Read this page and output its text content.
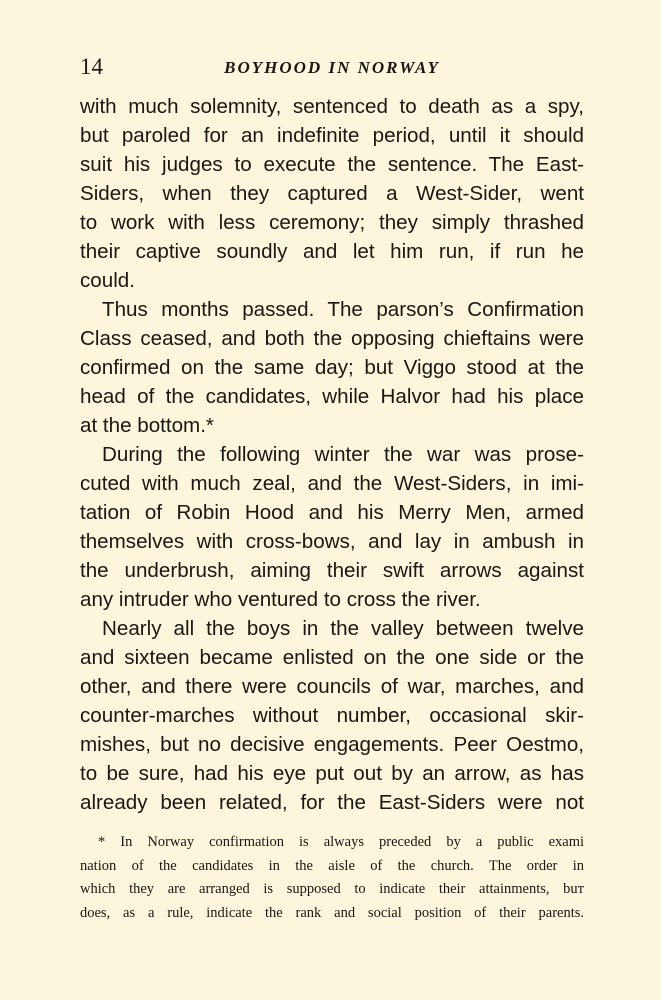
14	BOYHOOD IN NORWAY
with much solemnity, sentenced to death as a spy,
but paroled for an indefinite period, until it should
suit his judges to execute the sentence. The East-
Siders, when they captured a West-Sider, went
to work with less ceremony; they simply thrashed
their captive soundly and let him run, if run he
could.
Thus months passed. The parson’s Confirmation
Class ceased, and both the opposing chieftains were
confirmed on the same day; but Viggo stood at the
head of the candidates, while Halvor had his place
at the bottom.*
During the following winter the war was prose-
cuted with much zeal, and the West-Siders, in imi-
tation of Robin Hood and his Merry Men, armed
themselves with cross-bows, and lay in ambush in
the underbrush, aiming their swift arrows against
any intruder who ventured to cross the river.
Nearly all the boys in the valley between twelve
and sixteen became enlisted on the one side or the
other, and there were councils of war, marches, and
counter-marches without number, occasional skir-
mishes, but no decisive engagements. Peer Oestmo,
to be sure, had his eye put out by an arrow, as has
already been related, for the East-Siders were not
* In Norway confirmation is always preceded by a public exami
nation of the candidates in the aisle of the church. The order in
which they are arranged is supposed to indicate their attainments, buᴛ
does, as a rule, indicate the rank and social position of their parents.
